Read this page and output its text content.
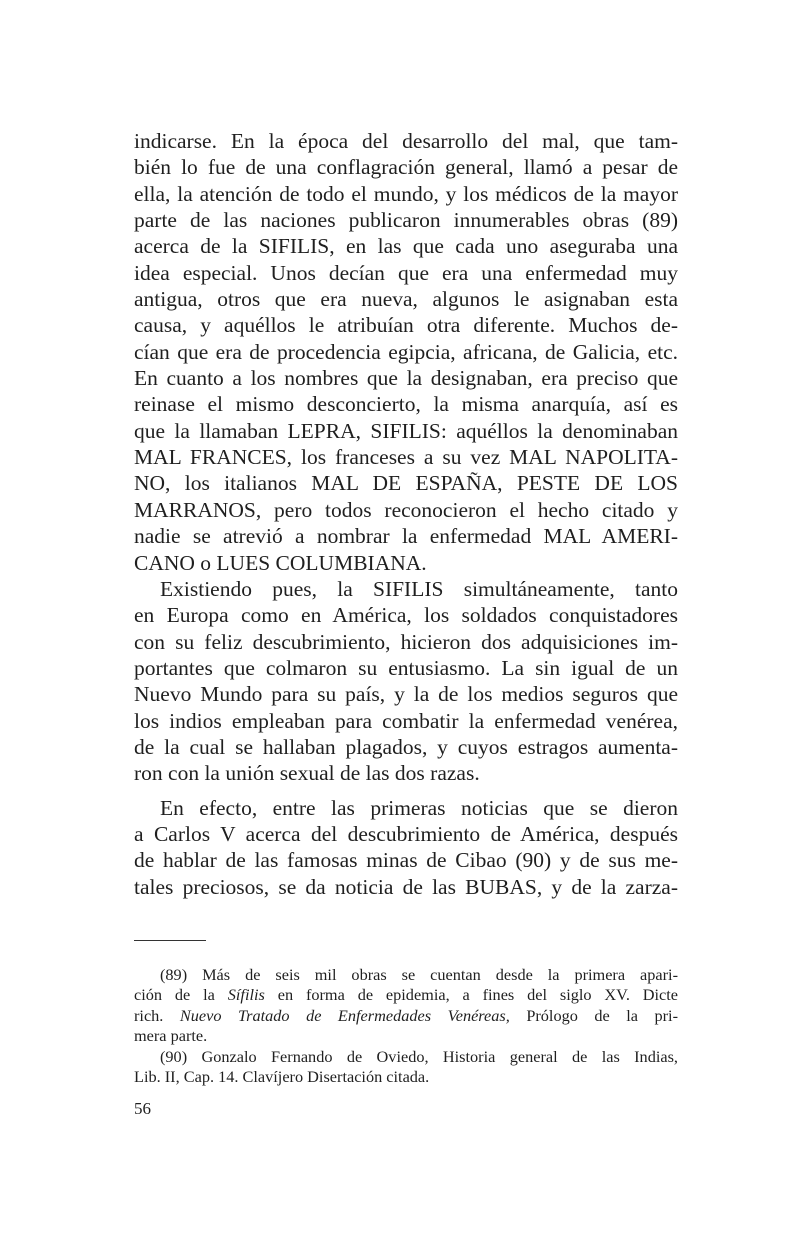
indicarse. En la época del desarrollo del mal, que tam-
bién lo fue de una conflagración general, llamó a pesar de
ella, la atención de todo el mundo, y los médicos de la mayor
parte de las naciones publicaron innumerables obras (89)
acerca de la SIFILIS, en las que cada uno aseguraba una
idea especial. Unos decían que era una enfermedad muy
antigua, otros que era nueva, algunos le asignaban esta
causa, y aquéllos le atribuían otra diferente. Muchos de-
cían que era de procedencia egipcia, africana, de Galicia, etc.
En cuanto a los nombres que la designaban, era preciso que
reinase el mismo desconcierto, la misma anarquía, así es
que la llamaban LEPRA, SIFILIS: aquéllos la denominaban
MAL FRANCES, los franceses a su vez MAL NAPOLITA-
NO, los italianos MAL DE ESPAÑA, PESTE DE LOS
MARRANOS, pero todos reconocieron el hecho citado y
nadie se atrevió a nombrar la enfermedad MAL AMERI-
CANO o LUES COLUMBIANA.
Existiendo pues, la SIFILIS simultáneamente, tanto
en Europa como en América, los soldados conquistadores
con su feliz descubrimiento, hicieron dos adquisiciones im-
portantes que colmaron su entusiasmo. La sin igual de un
Nuevo Mundo para su país, y la de los medios seguros que
los indios empleaban para combatir la enfermedad venérea,
de la cual se hallaban plagados, y cuyos estragos aumenta-
ron con la unión sexual de las dos razas.
En efecto, entre las primeras noticias que se dieron
a Carlos V acerca del descubrimiento de América, después
de hablar de las famosas minas de Cibao (90) y de sus me-
tales preciosos, se da noticia de las BUBAS, y de la zarza-
(89) Más de seis mil obras se cuentan desde la primera apari-
ción de la Sífilis en forma de epidemia, a fines del siglo XV. Dicte
rich. Nuevo Tratado de Enfermedades Venéreas, Prólogo de la pri-
mera parte.
(90) Gonzalo Fernando de Oviedo, Historia general de las Indias,
Lib. II, Cap. 14. Clavíjero Disertación citada.
56
